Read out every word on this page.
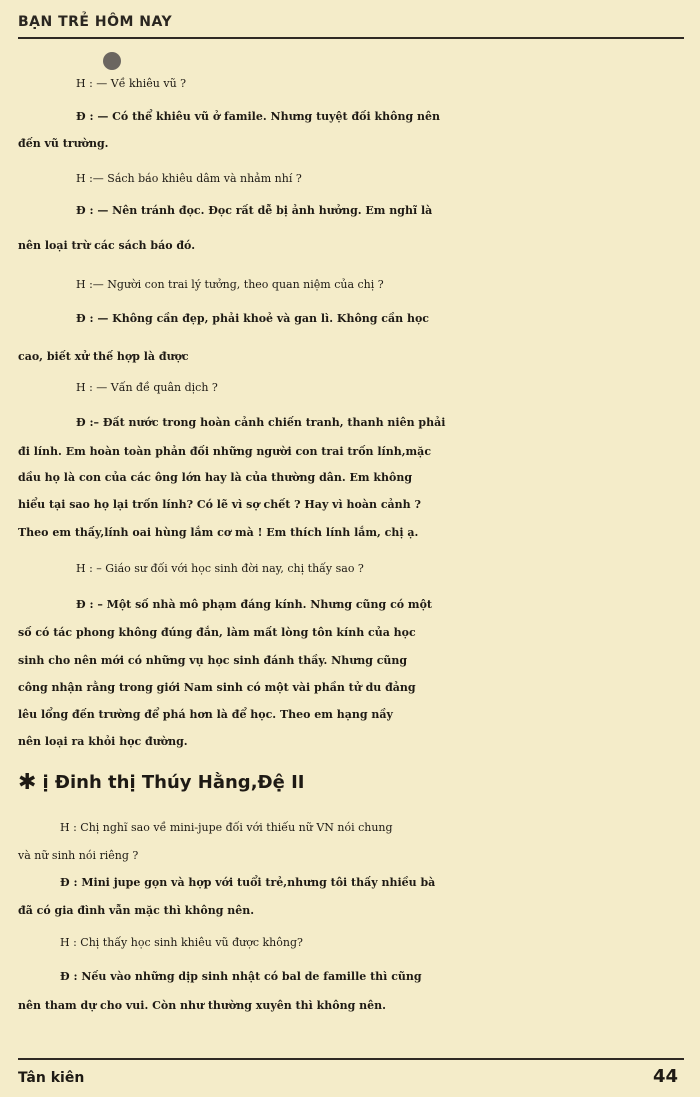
BẠN TRẺ HÔM NAY

H : — Về khiêu vũ ?

Đ : — Có thể khiêu vũ ở famile. Nhưng tuyệt đối không nên

đến vũ trường.

H :— Sách báo khiêu dâm và nhảm nhí ?

Đ : — Nên tránh đọc. Đọc rất dễ bị ảnh hưởng. Em nghĩ là

nên loại trừ các sách báo đó.

H :— Người con trai lý tưởng, theo quan niệm của chị ?

Đ : — Không cần đẹp, phải khoẻ và gan lì. Không cần học

cao, biết xử thế hợp là được

H : — Vấn đề quân dịch ?

Đ :– Đất nước trong hoàn cảnh chiến tranh, thanh niên phải

đi lính. Em hoàn toàn phản đối những người con trai trốn lính,mặc

dầu họ là con của các ông lớn hay là của thường dân. Em không

hiểu tại sao họ lại trốn lính? Có lẽ vì sợ chết ? Hay vì hoàn cảnh ?

Theo em thấy,lính oai hùng lắm cơ mà ! Em thích lính lắm, chị ạ.

H : – Giáo sư đối với học sinh đời nay, chị thấy sao ?

Đ : – Một số nhà mô phạm đáng kính. Nhưng cũng có một

số có tác phong không đúng đắn, làm mất lòng tôn kính của học

sinh cho nên mới có những vụ học sinh đánh thầy. Nhưng cũng

công nhận rằng trong giới Nam sinh có một vài phần tử du đảng

lêu lổng đến trường để phá hơn là để học. Theo em hạng nầy

nên loại ra khỏi học đường.

✱ ị Đinh thị Thúy Hằng,Đệ II

H : Chị nghĩ sao về mini-jupe đối với thiếu nữ VN nói chung

và nữ sinh nói riêng ?

Đ : Mini jupe gọn và hợp với tuổi trẻ,nhưng tôi thấy nhiều bà

đã có gia đình vẫn mặc thì không nên.

H : Chị thấy học sinh khiêu vũ được không?

Đ : Nếu vào những dịp sinh nhật có bal de famille thì cũng

nên tham dự cho vui. Còn như thường xuyên thì không nên.

Tân kiên	44
